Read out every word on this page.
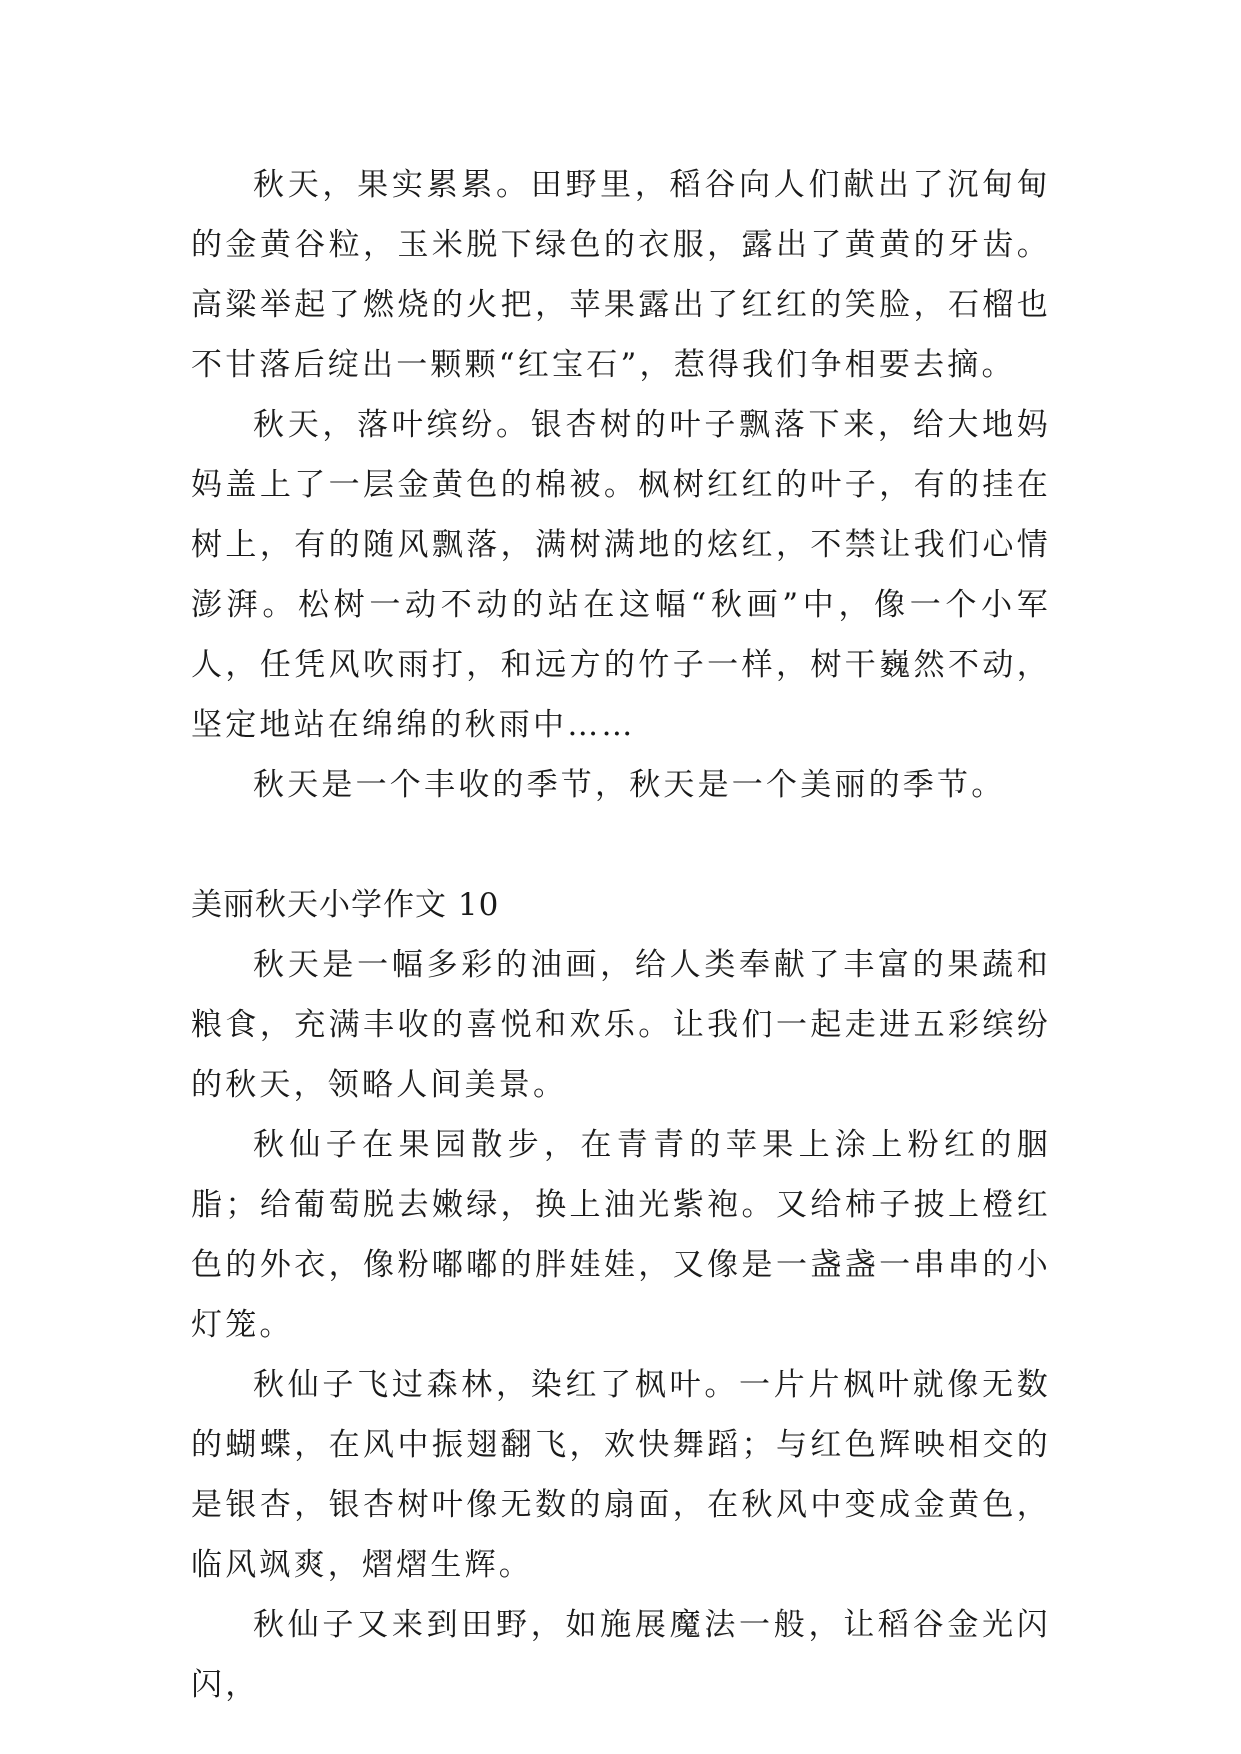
秋天，果实累累。田野里，稻谷向人们献出了沉甸甸的金黄谷粒，玉米脱下绿色的衣服，露出了黄黄的牙齿。高粱举起了燃烧的火把，苹果露出了红红的笑脸，石榴也不甘落后绽出一颗颗“红宝石”，惹得我们争相要去摘。

秋天，落叶缤纷。银杏树的叶子飘落下来，给大地妈妈盖上了一层金黄色的棉被。枫树红红的叶子，有的挂在树上，有的随风飘落，满树满地的炫红，不禁让我们心情澎湃。松树一动不动的站在这幅“秋画”中，像一个小军人，任凭风吹雨打，和远方的竹子一样，树干巍然不动，坚定地站在绵绵的秋雨中……

秋天是一个丰收的季节，秋天是一个美丽的季节。

美丽秋天小学作文 10

秋天是一幅多彩的油画，给人类奉献了丰富的果蔬和粮食，充满丰收的喜悦和欢乐。让我们一起走进五彩缤纷的秋天，领略人间美景。

秋仙子在果园散步，在青青的苹果上涂上粉红的胭脂；给葡萄脱去嫩绿，换上油光紫袍。又给柿子披上橙红色的外衣，像粉嘟嘟的胖娃娃，又像是一盏盏一串串的小灯笼。

秋仙子飞过森林，染红了枫叶。一片片枫叶就像无数的蝴蝶，在风中振翅翻飞，欢快舞蹈；与红色辉映相交的是银杏，银杏树叶像无数的扇面，在秋风中变成金黄色，临风飒爽，熠熠生辉。

秋仙子又来到田野，如施展魔法一般，让稻谷金光闪闪，
